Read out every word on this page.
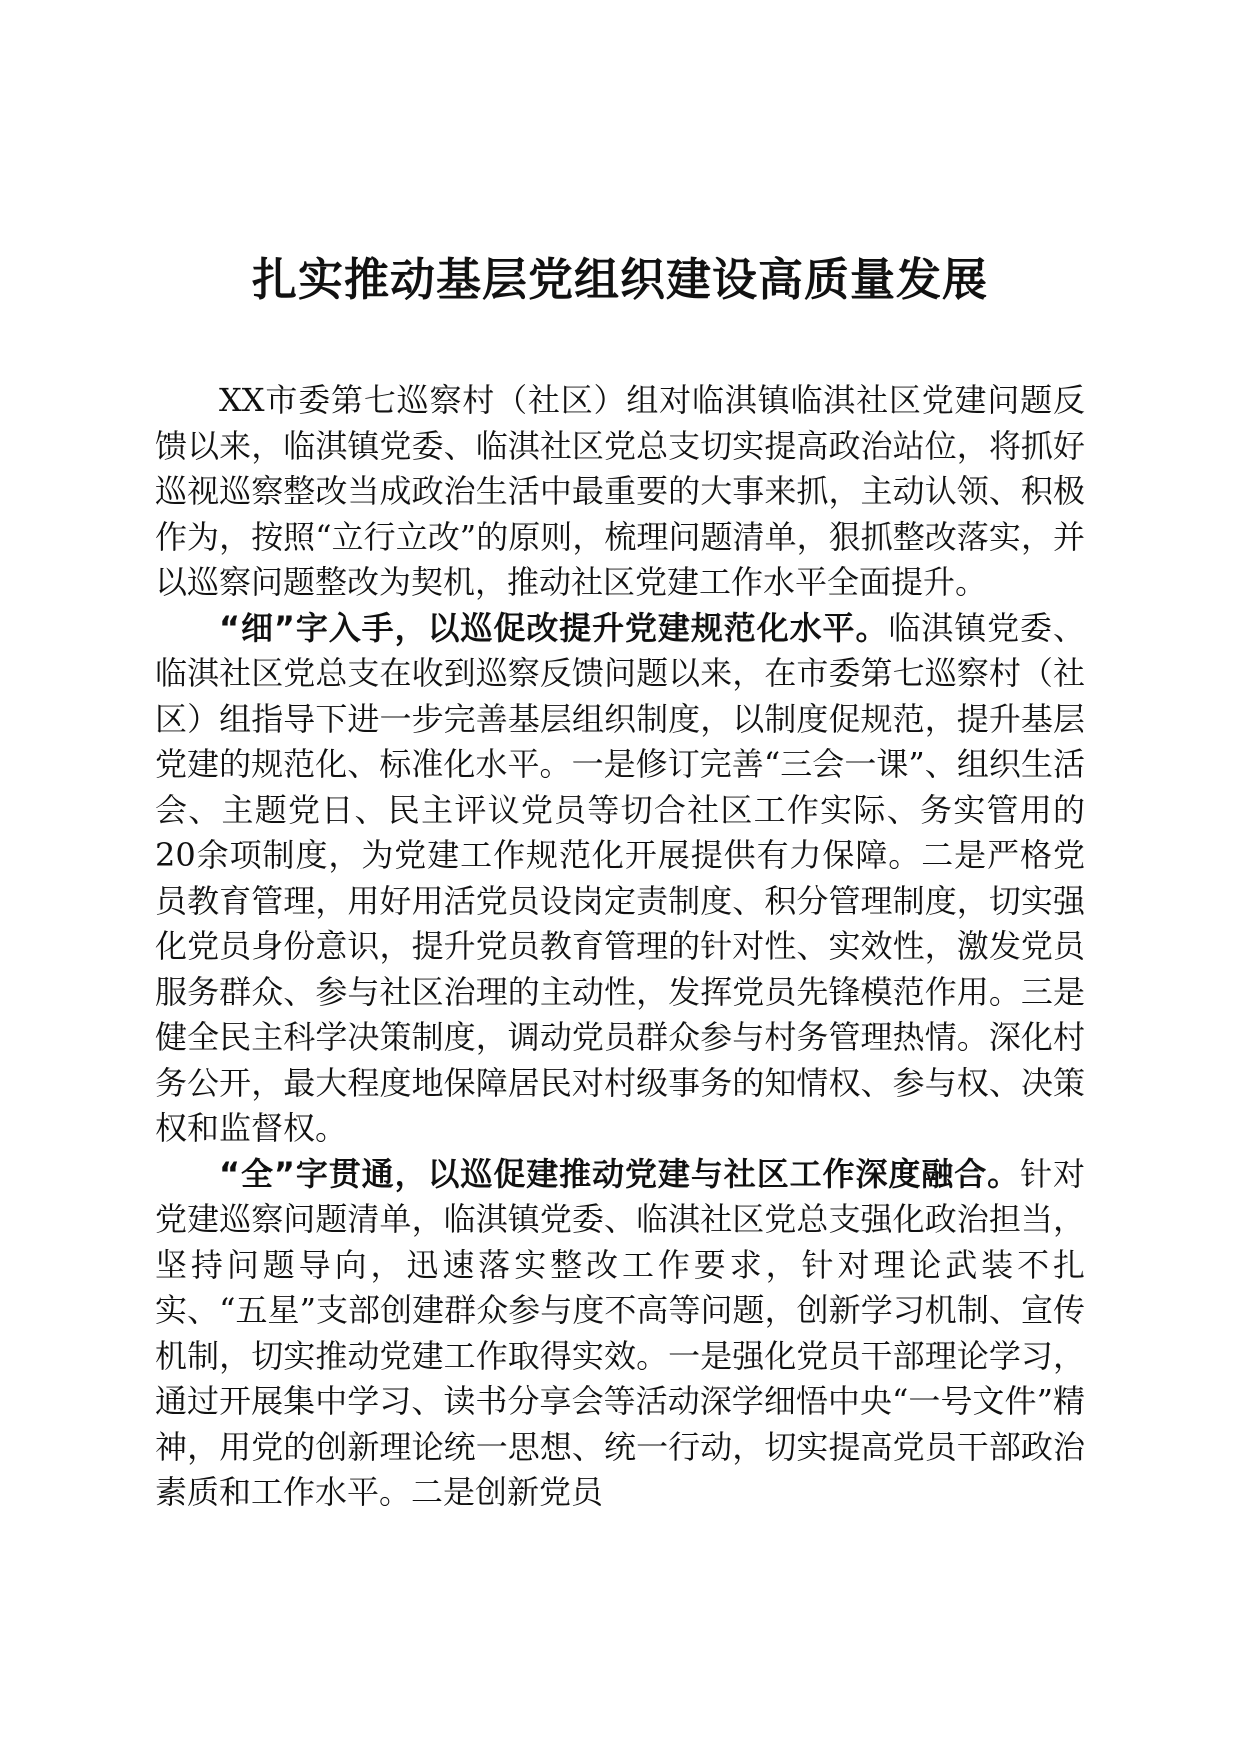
扎实推动基层党组织建设高质量发展

XX市委第七巡察村（社区）组对临淇镇临淇社区党建问题反馈以来，临淇镇党委、临淇社区党总支切实提高政治站位，将抓好巡视巡察整改当成政治生活中最重要的大事来抓，主动认领、积极作为，按照“立行立改”的原则，梳理问题清单，狠抓整改落实，并以巡察问题整改为契机，推动社区党建工作水平全面提升。

“细”字入手，以巡促改提升党建规范化水平。临淇镇党委、临淇社区党总支在收到巡察反馈问题以来，在市委第七巡察村（社区）组指导下进一步完善基层组织制度，以制度促规范，提升基层党建的规范化、标准化水平。一是修订完善“三会一课”、组织生活会、主题党日、民主评议党员等切合社区工作实际、务实管用的20余项制度，为党建工作规范化开展提供有力保障。二是严格党员教育管理，用好用活党员设岗定责制度、积分管理制度，切实强化党员身份意识，提升党员教育管理的针对性、实效性，激发党员服务群众、参与社区治理的主动性，发挥党员先锋模范作用。三是健全民主科学决策制度，调动党员群众参与村务管理热情。深化村务公开，最大程度地保障居民对村级事务的知情权、参与权、决策权和监督权。

“全”字贯通，以巡促建推动党建与社区工作深度融合。针对党建巡察问题清单，临淇镇党委、临淇社区党总支强化政治担当，坚持问题导向，迅速落实整改工作要求，针对理论武装不扎实、“五星”支部创建群众参与度不高等问题，创新学习机制、宣传机制，切实推动党建工作取得实效。一是强化党员干部理论学习，通过开展集中学习、读书分享会等活动深学细悟中央“一号文件”精神，用党的创新理论统一思想、统一行动，切实提高党员干部政治素质和工作水平。二是创新党员
